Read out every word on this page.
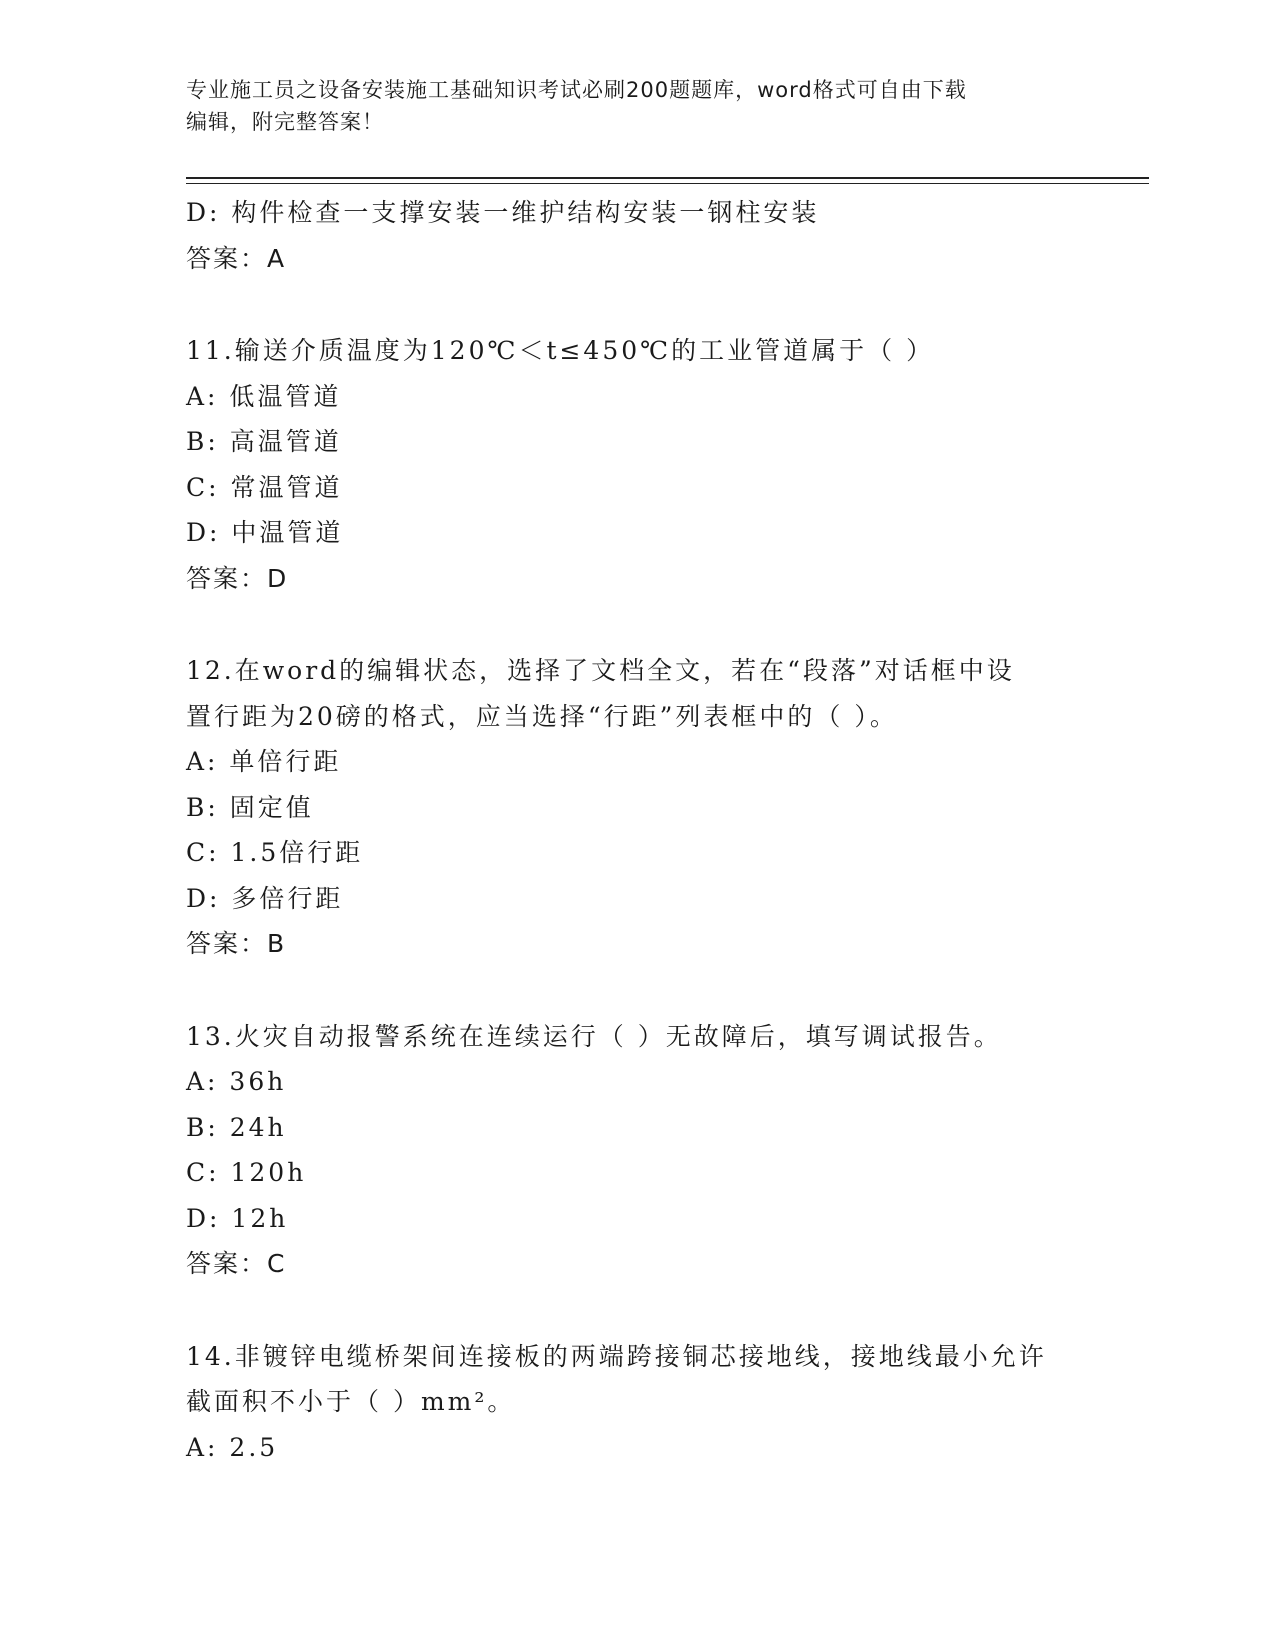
专业施工员之设备安装施工基础知识考试必刷200题题库，word格式可自由下载
编辑，附完整答案！
D: 构件检查一支撑安装一维护结构安装一钢柱安装
答案：A
11.输送介质温度为120℃＜t≤450℃的工业管道属于（ ）
A: 低温管道
B: 高温管道
C: 常温管道
D: 中温管道
答案：D
12.在word的编辑状态，选择了文档全文，若在“段落”对话框中设
置行距为20磅的格式，应当选择“行距”列表框中的（ ）。
A: 单倍行距
B: 固定值
C: 1.5倍行距
D: 多倍行距
答案：B
13.火灾自动报警系统在连续运行（ ）无故障后，填写调试报告。
A: 36h
B: 24h
C: 120h
D: 12h
答案：C
14.非镀锌电缆桥架间连接板的两端跨接铜芯接地线，接地线最小允许
截面积不小于（ ）mm²。
A: 2.5
